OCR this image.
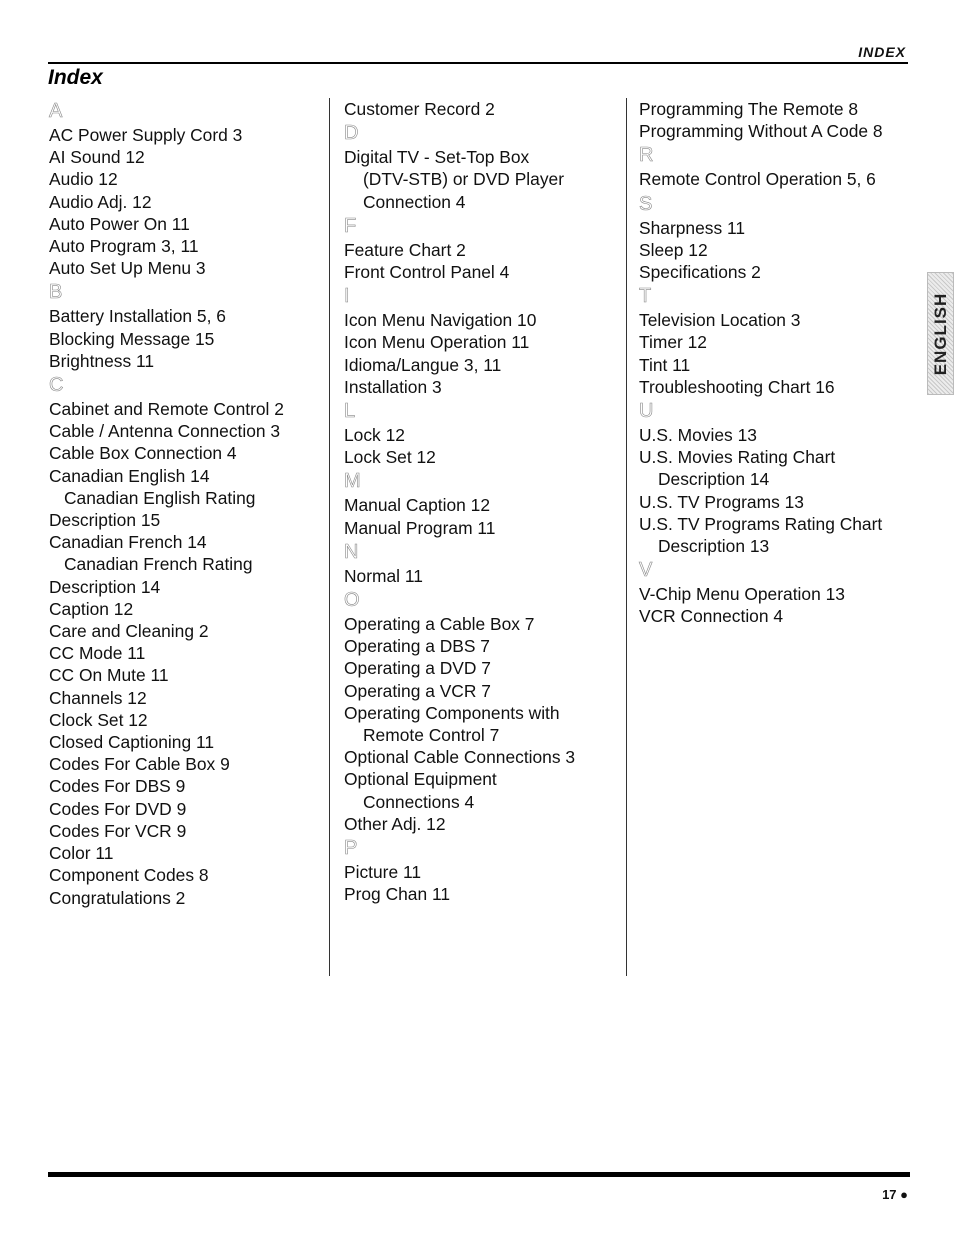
INDEX
Index
A
AC Power Supply Cord 3
AI Sound 12
Audio 12
Audio Adj. 12
Auto Power On 11
Auto Program 3, 11
Auto Set Up Menu 3
B
Battery Installation 5, 6
Blocking Message 15
Brightness 11
C
Cabinet and Remote Control 2
Cable / Antenna Connection 3
Cable Box Connection 4
Canadian English 14
Canadian English Rating
Description 15
Canadian French 14
Canadian French Rating
Description 14
Caption 12
Care and Cleaning 2
CC Mode 11
CC On Mute 11
Channels 12
Clock Set 12
Closed Captioning 11
Codes For Cable Box 9
Codes For DBS 9
Codes For DVD 9
Codes For VCR 9
Color 11
Component Codes 8
Congratulations 2
Customer Record 2
D
Digital TV - Set-Top Box
(DTV-STB) or DVD Player
Connection 4
F
Feature Chart 2
Front Control Panel 4
I
Icon Menu Navigation 10
Icon Menu Operation 11
Idioma/Langue 3, 11
Installation 3
L
Lock 12
Lock Set 12
M
Manual Caption 12
Manual Program 11
N
Normal 11
O
Operating a Cable Box 7
Operating a DBS 7
Operating a DVD 7
Operating a VCR 7
Operating Components with
Remote Control 7
Optional Cable Connections 3
Optional Equipment
Connections 4
Other Adj. 12
P
Picture 11
Prog Chan 11
Programming The Remote 8
Programming Without A Code 8
R
Remote Control Operation 5, 6
S
Sharpness 11
Sleep 12
Specifications 2
T
Television Location 3
Timer 12
Tint 11
Troubleshooting Chart 16
U
U.S. Movies 13
U.S. Movies Rating Chart
Description 14
U.S. TV Programs 13
U.S. TV Programs Rating Chart
Description 13
V
V-Chip Menu Operation 13
VCR Connection 4
ENGLISH
17 ●
